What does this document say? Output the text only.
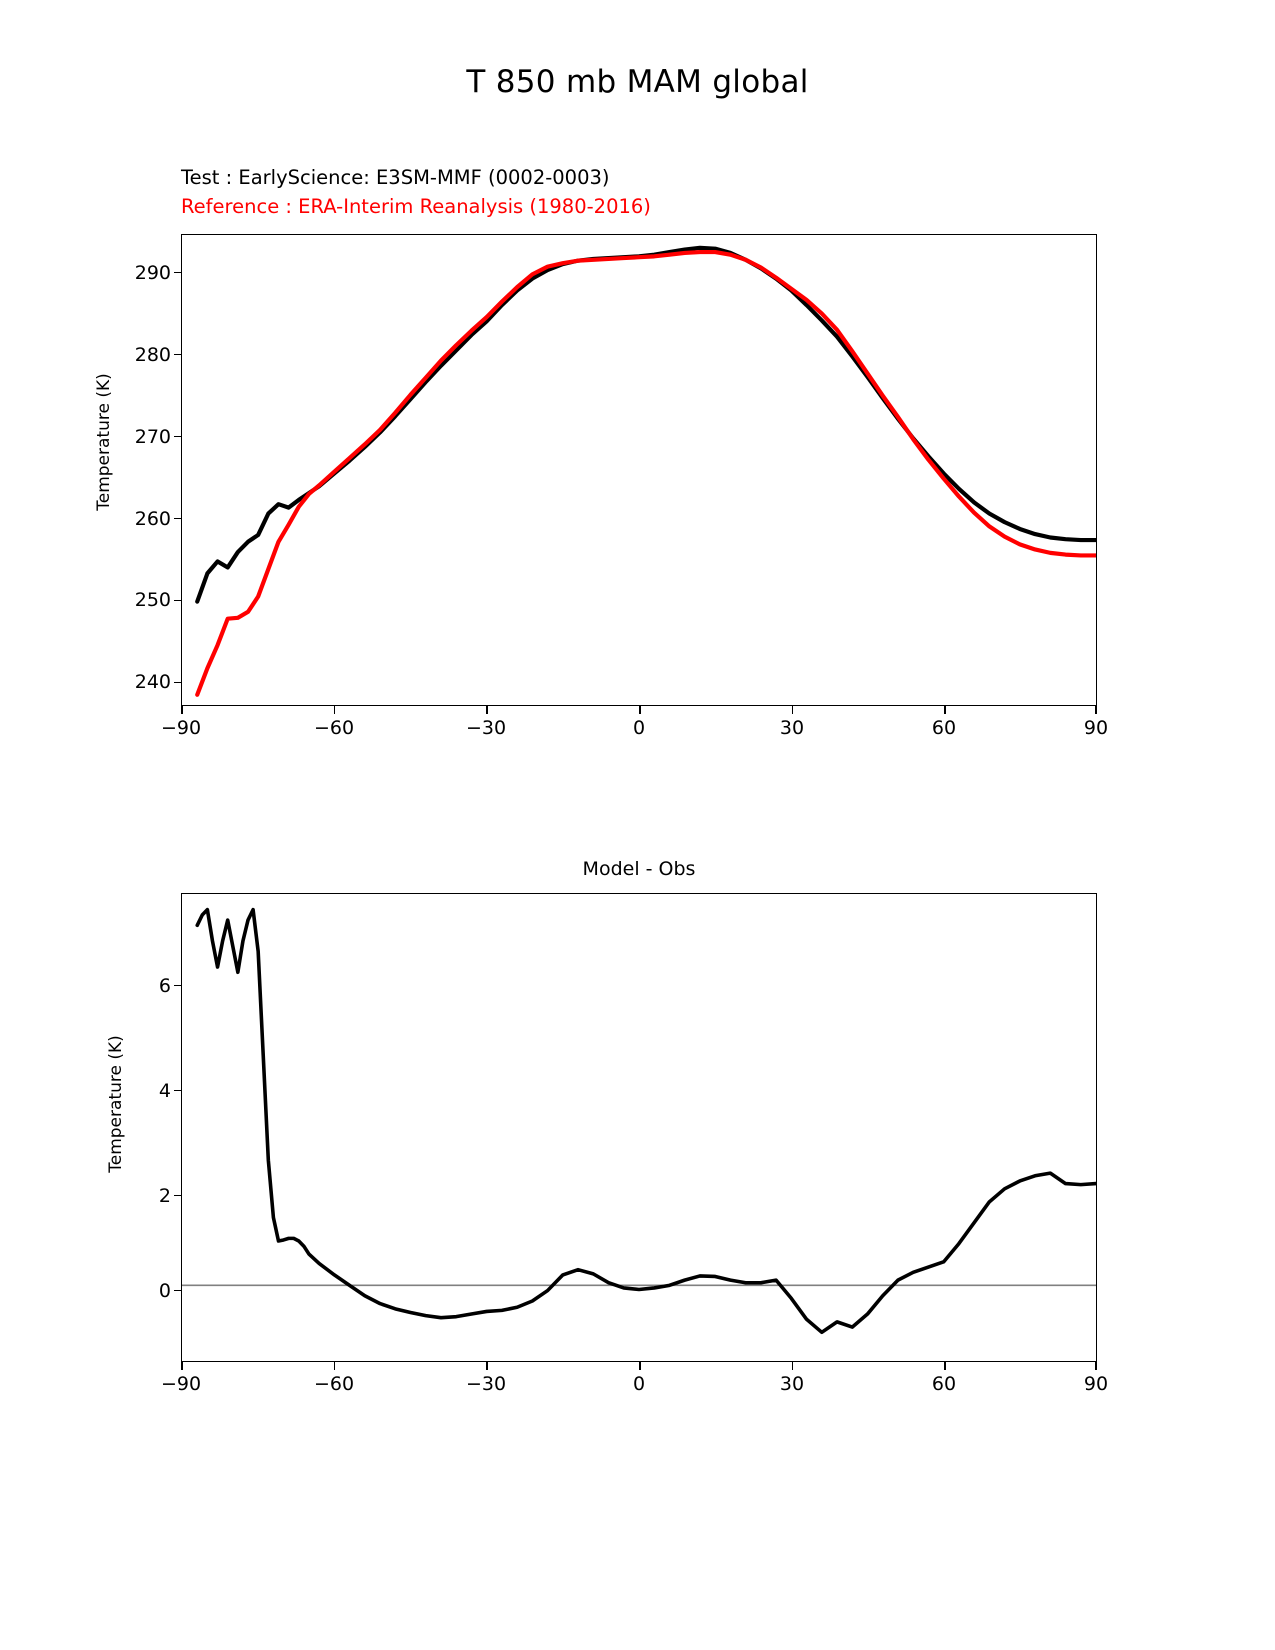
T 850 mb MAM global
Test : EarlyScience: E3SM-MMF (0002-0003)
Reference : ERA-Interim Reanalysis (1980-2016)
Temperature (K)
290
280
270
260
250
240
−90	−60	−30	0	30	60	90
Model - Obs
Temperature (K)
6
4
2
0
−90	−60	−30	0	30	60	90
